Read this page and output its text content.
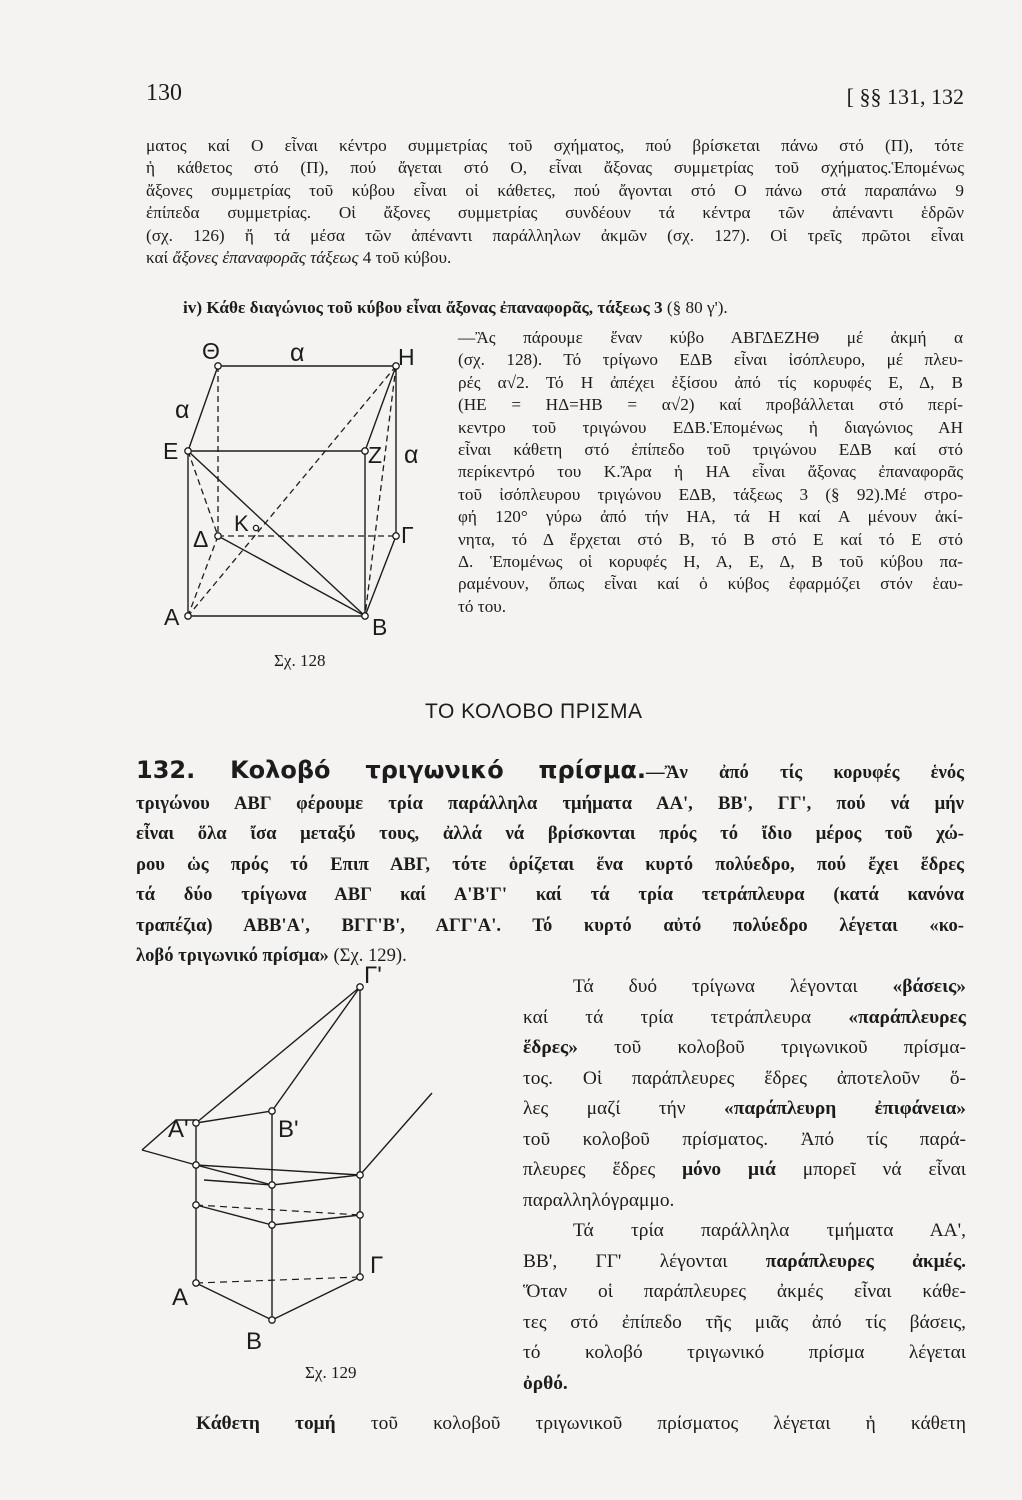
130	[ §§ 131, 132
ματος καί Ο εἶναι κέντρο συμμετρίας τοῦ σχήματος, πού βρίσκεται πάνω στό (Π), τότε
ἡ κάθετος στό (Π), πού ἄγεται στό Ο, εἶναι ἄξονας συμμετρίας τοῦ σχήματος.Ἑπομένως
ἄξονες συμμετρίας τοῦ κύβου εἶναι οἱ κάθετες, πού ἄγονται στό Ο πάνω στά παραπάνω 9
ἐπίπεδα συμμετρίας. Οἱ ἄξονες συμμετρίας συνδέουν τά κέντρα τῶν ἀπέναντι ἑδρῶν
(σχ. 126) ἤ τά μέσα τῶν ἀπέναντι παράλληλων ἀκμῶν (σχ. 127). Οἱ τρεῖς πρῶτοι εἶναι
καί ἄξονες ἐπαναφορᾶς τάξεως 4 τοῦ κύβου.
iv) Κάθε διαγώνιος τοῦ κύβου εἶναι ἄξονας ἐπαναφορᾶς, τάξεως 3 (§ 80 γ').
Θ	α	Η
α
Ε	Ζ α
Κ
Δ	Γ
Α	Β
Σχ. 128
—Ἂς πάρουμε ἕναν κύβο ΑΒΓΔΕΖΗΘ μέ ἀκμή α
(σχ. 128). Τό τρίγωνο ΕΔΒ εἶναι ἰσόπλευρο, μέ πλευ-
ρές α√2. Τό Η ἀπέχει ἐξίσου ἀπό τίς κορυφές Ε, Δ, Β
(ΗΕ = ΗΔ=ΗΒ = α√2) καί προβάλλεται στό περί-
κεντρο τοῦ τριγώνου ΕΔΒ.Ἑπομένως ἡ διαγώνιος ΑΗ
εἶναι κάθετη στό ἐπίπεδο τοῦ τριγώνου ΕΔΒ καί στό
περίκεντρό του Κ.Ἄρα ἡ ΗΑ εἶναι ἄξονας ἐπαναφορᾶς
τοῦ ἰσόπλευρου τριγώνου ΕΔΒ, τάξεως 3 (§ 92).Μέ στρο-
φή 120° γύρω ἀπό τήν ΗΑ, τά Η καί Α μένουν ἀκί-
νητα, τό Δ ἔρχεται στό Β, τό Β στό Ε καί τό Ε στό
Δ. Ἑπομένως οἱ κορυφές Η, Α, Ε, Δ, Β τοῦ κύβου πα-
ραμένουν, ὅπως εἶναι καί ὁ κύβος ἐφαρμόζει στόν ἑαυ-
τό του.
ΤΟ ΚΟΛΟΒΟ ΠΡΙΣΜΑ
132. Κολοβό τριγωνικό πρίσμα.—Ἂν ἀπό τίς κορυφές ἑνός
τριγώνου ΑΒΓ φέρουμε τρία παράλληλα τμήματα ΑΑ', ΒΒ', ΓΓ', πού νά μήν
εἶναι ὅλα ἴσα μεταξύ τους, ἀλλά νά βρίσκονται πρός τό ἴδιο μέρος τοῦ χώ-
ρου ὡς πρός τό Επιπ ΑΒΓ, τότε ὁρίζεται ἕνα κυρτό πολύεδρο, πού ἔχει ἕδρες
τά δύο τρίγωνα ΑΒΓ καί Α'Β'Γ' καί τά τρία τετράπλευρα (κατά κανόνα
τραπέζια) ΑΒΒ'Α', ΒΓΓ'Β', ΑΓΓ'Α'. Τό κυρτό αὐτό πολύεδρο λέγεται «κο-
λοβό τριγωνικό πρίσμα» (Σχ. 129).
Γ'
Β'
Α'
Γ
Α
Β
Σχ. 129
Τά δυό τρίγωνα λέγονται «βάσεις»
καί τά τρία τετράπλευρα «παράπλευρες
ἕδρες» τοῦ κολοβοῦ τριγωνικοῦ πρίσμα-
τος. Οἱ παράπλευρες ἕδρες ἀποτελοῦν ὅ-
λες μαζί τήν «παράπλευρη ἐπιφάνεια»
τοῦ κολοβοῦ πρίσματος. Ἀπό τίς παρά-
πλευρες ἕδρες μόνο μιά μπορεῖ νά εἶναι
παραλληλόγραμμο.
Τά τρία παράλληλα τμήματα ΑΑ',
ΒΒ', ΓΓ' λέγονται παράπλευρες ἀκμές.
Ὅταν οἱ παράπλευρες ἀκμές εἶναι κάθε-
τες στό ἐπίπεδο τῆς μιᾶς ἀπό τίς βάσεις,
τό κολοβό τριγωνικό πρίσμα λέγεται
ὀρθό.
Κάθετη τομή τοῦ κολοβοῦ τριγωνικοῦ πρίσματος λέγεται ἡ κάθετη
